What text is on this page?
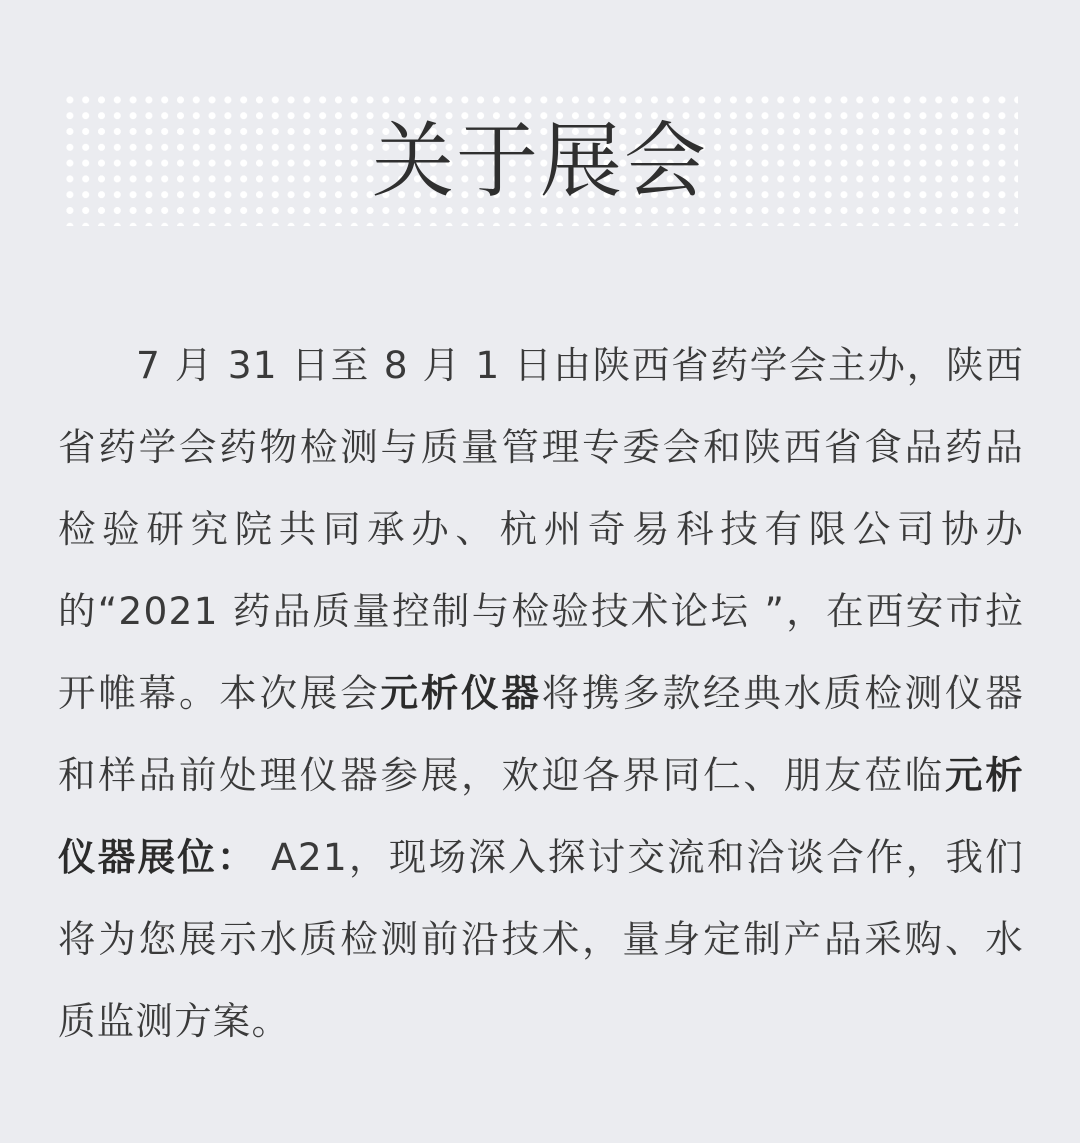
关于展会

7 月 31 日至 8 月 1 日由陕西省药学会主办，陕西省药学会药物检测与质量管理专委会和陕西省食品药品检验研究院共同承办、杭州奇易科技有限公司协办的“2021 药品质量控制与检验技术论坛 ”，在西安市拉开帷幕。本次展会元析仪器将携多款经典水质检测仪器和样品前处理仪器参展，欢迎各界同仁、朋友莅临元析仪器展位： A21，现场深入探讨交流和洽谈合作，我们将为您展示水质检测前沿技术，量身定制产品采购、水质监测方案。
